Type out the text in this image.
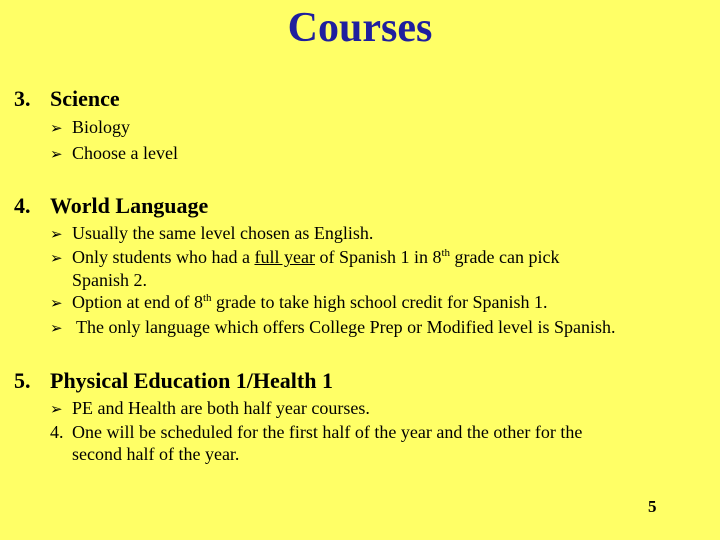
Courses
3. Science
➢ Biology
➢ Choose a level
4. World Language
➢ Usually the same level chosen as English.
➢ Only students who had a full year of Spanish 1 in 8th grade can pick
Spanish 2.
➢ Option at end of 8th grade to take high school credit for Spanish 1.
➢ The only language which offers College Prep or Modified level is Spanish.
5. Physical Education 1/Health 1
➢ PE and Health are both half year courses.
4. One will be scheduled for the first half of the year and the other for the
second half of the year.
5
